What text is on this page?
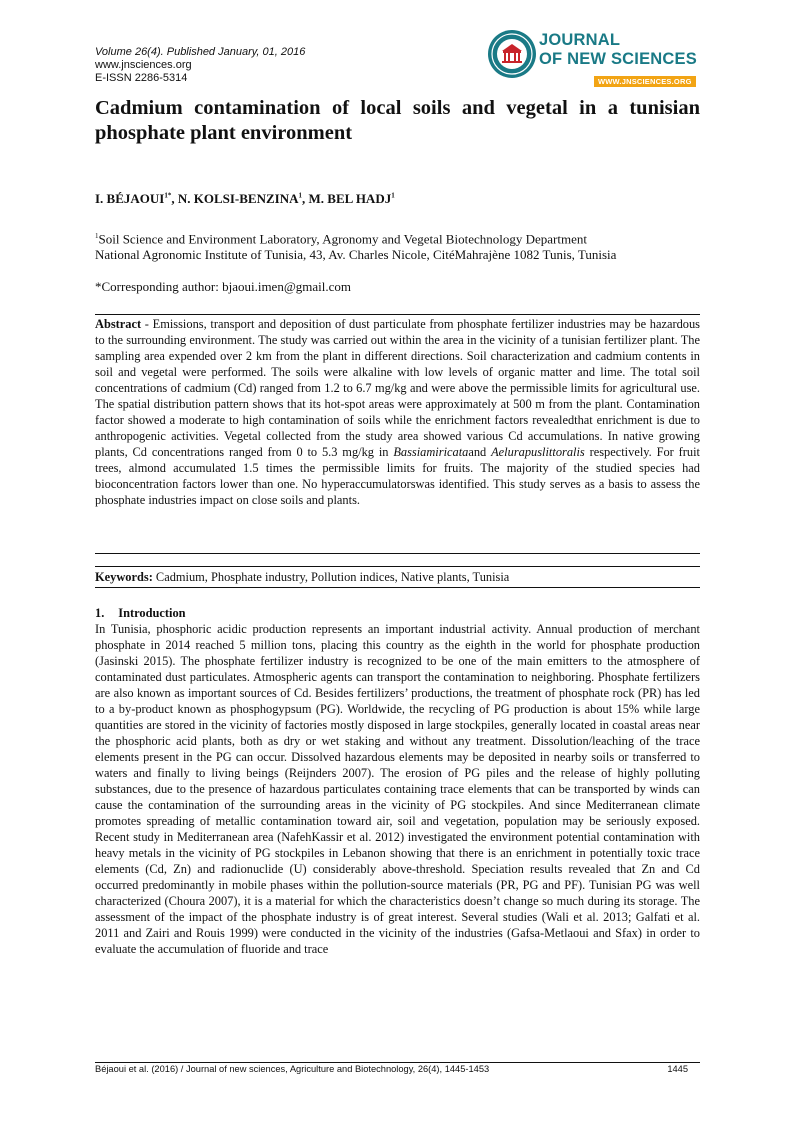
Volume 26(4). Published January, 01, 2016
www.jnsciences.org
E-ISSN 2286-5314
JOURNAL
OF NEW SCIENCES
WWW.JNSCIENCES.ORG
Cadmium contamination of local soils and vegetal in a tunisian phosphate plant environment
I. $BÉJAOUI^{1*}$, N. KOLSI-BENZINA$^1$, M. BEL HADJ$^1$
$^1$Soil Science and Environment Laboratory, Agronomy and Vegetal Biotechnology Department
National Agronomic Institute of Tunisia, 43, Av. Charles Nicole, CitéMahrajène 1082 Tunis, Tunisia
*Corresponding author: bjaoui.imen@gmail.com

Abstract - Emissions, transport and deposition of dust particulate from phosphate fertilizer industries may be hazardous to the surrounding environment. The study was carried out within the area in the vicinity of a tunisian fertilizer plant. The sampling area expended over 2 km from the plant in different directions. Soil characterization and cadmium contents in soil and vegetal were performed. The soils were alkaline with low levels of organic matter and lime. The total soil concentrations of cadmium (Cd) ranged from 1.2 to 6.7 mg/kg and were above the permissible limits for agricultural use. The spatial distribution pattern shows that its hot-spot areas were approximately at 500 m from the plant. Contamination factor showed a moderate to high contamination of soils while the enrichment factors revealedthat enrichment is due to anthropogenic activities. Vegetal collected from the study area showed various Cd accumulations. In native growing plants, Cd concentrations ranged from 0 to 5.3 mg/kg in Bassiamiricataand Aelurapuslittoralis respectively. For fruit trees, almond accumulated 1.5 times the permissible limits for fruits. The majority of the studied species had bioconcentration factors lower than one. No hyperaccumulatorswas identified. This study serves as a basis to assess the phosphate industries impact on close soils and plants.

Keywords: Cadmium, Phosphate industry, Pollution indices, Native plants, Tunisia
1. Introduction

In Tunisia, phosphoric acidic production represents an important industrial activity. Annual production of merchant phosphate in 2014 reached 5 million tons, placing this country as the eighth in the world for phosphate production (Jasinski 2015). The phosphate fertilizer industry is recognized to be one of the main emitters to the atmosphere of contaminated dust particulates. Atmospheric agents can transport the contamination to neighboring. Phosphate fertilizers are also known as important sources of Cd. Besides fertilizers’ productions, the treatment of phosphate rock (PR) has led to a by-product known as phosphogypsum (PG). Worldwide, the recycling of PG production is about 15% while large quantities are stored in the vicinity of factories mostly disposed in large stockpiles, generally located in coastal areas near the phosphoric acid plants, both as dry or wet staking and without any treatment. Dissolution/leaching of the trace elements present in the PG can occur. Dissolved hazardous elements may be deposited in nearby soils or transferred to waters and finally to living beings (Reijnders 2007). The erosion of PG piles and the release of highly polluting substances, due to the presence of hazardous particulates containing trace elements that can be transported by winds can cause the contamination of the surrounding areas in the vicinity of PG stockpiles. And since Mediterranean climate promotes spreading of metallic contamination toward air, soil and vegetation, population may be seriously exposed. Recent study in Mediterranean area (NafehKassir et al. 2012) investigated the environment potential contamination with heavy metals in the vicinity of PG stockpiles in Lebanon showing that there is an enrichment in potentially toxic trace elements (Cd, Zn) and radionuclide (U) considerably above-threshold. Speciation results revealed that Zn and Cd occurred predominantly in mobile phases within the pollution-source materials (PR, PG and PF). Tunisian PG was well characterized (Choura 2007), it is a material for which the characteristics doesn’t change so much during its storage. The assessment of the impact of the phosphate industry is of great interest. Several studies (Wali et al. 2013; Galfati et al. 2011 and Zairi and Rouis 1999) were conducted in the vicinity of the industries (Gafsa-Metlaoui and Sfax) in order to evaluate the accumulation of fluoride and trace

Béjaoui et al. (2016) / Journal of new sciences, Agriculture and Biotechnology, 26(4), 1445-1453	1445
